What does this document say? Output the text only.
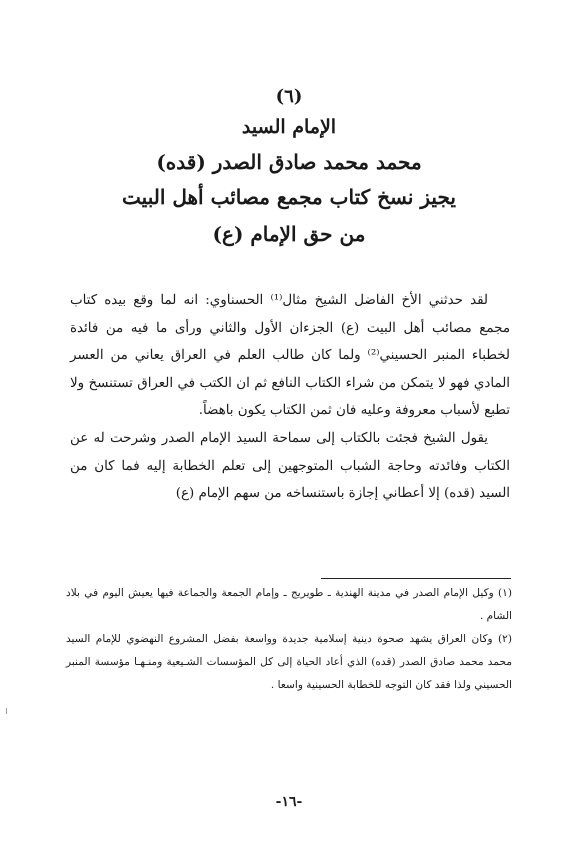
(٦)
الإمام السيد
محمد محمد صادق الصدر (قده)
يجيز نسخ كتاب مجمع مصائب أهل البيت
من حق الإمام (ع)

لقد حدثني الأخ الفاضل الشيخ مثال⁽¹⁾ الحسناوي: انه لما وقع بيده كتاب مجمع مصائب أهل البيت (ع) الجزءان الأول والثاني ورأى ما فيه من فائدة لخطباء المنبر الحسيني⁽²⁾ ولما كان طالب العلم في العراق يعاني من العسر المادي فهو لا يتمكن من شراء الكتاب النافع ثم ان الكتب في العراق تستنسخ ولا تطبع لأسباب معروفة وعليه فان ثمن الكتاب يكون باهضاً.

يقول الشيخ فجئت بالكتاب إلى سماحة السيد الإمام الصدر وشرحت له عن الكتاب وفائدته وحاجة الشباب المتوجهين إلى تعلم الخطابة إليه فما كان من السيد (قده) إلا أعطاني إجازة باستنساخه من سهم الإمام (ع)

(١) وكيل الإمام الصدر في مدينة الهندية ـ طويريج ـ وإمام الجمعة والجماعة فيها يعيش اليوم في بلاد الشام .

(٢) وكان العراق يشهد صحوة دينية إسلامية جديدة وواسعة بفضل المشروع النهضوي للإمام السيد محمد محمد صادق الصدر (قده) الذي أعاد الحياة إلى كل المؤسسات الشـيعية ومنـهـا مؤسسة المنبر الحسيني ولذا فقد كان التوجه للخطابة الحسينية واسعا .

-١٦-
